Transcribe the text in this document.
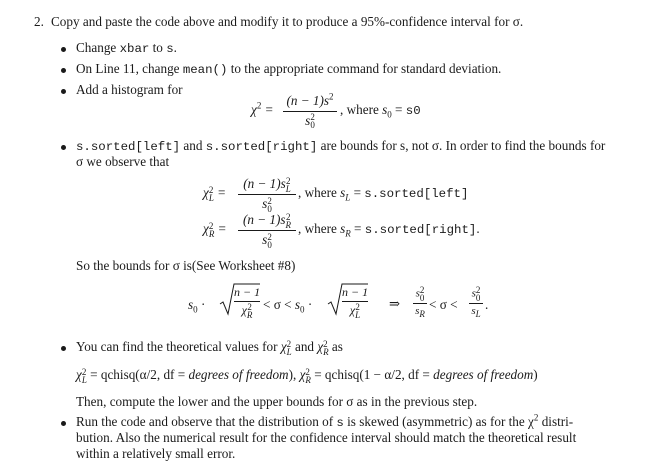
2. Copy and paste the code above and modify it to produce a 95%-confidence interval for σ.
Change xbar to s.
On Line 11, change mean() to the appropriate command for standard deviation.
Add a histogram for
$\chi^2$ =
$(n - 1)s^2$
s 2
0
, where $s_0 = s0$
s.sorted[left] and s.sorted[right] are bounds for s, not σ. In order to find the bounds for
σ we observe that
χ 2
L =
(n − 1)s 2
L
s 2
0
, where $s_L$ = s.sorted[left]
χ 2
R =
(n − 1)s 2
R
s 2
0
, where $s_R$ = s.sorted[right].
So the bounds for σ is(See Worksheet #8)
$s_0$ ·
n − 1
χ 2
R
< $\sigma < s_0$ ·
n − 1
χ 2
L
⇒
s 2
0
$s_R$
< σ <
s 2
0
$s_L$
.
You can find the theoretical values for χ 2
L and χ 2
R as
χ 2
L = qchisq(α/2, df = degrees of freedom), χ 2
R = qchisq(1 − α/2, df = degrees of freedom)
Then, compute the lower and the upper bounds for σ as in the previous step.
Run the code and observe that the distribution of s is skewed (asymmetric) as for the $\chi^2$ distri-
bution. Also the numerical result for the confidence interval should match the theoretical result
within a relatively small error.
